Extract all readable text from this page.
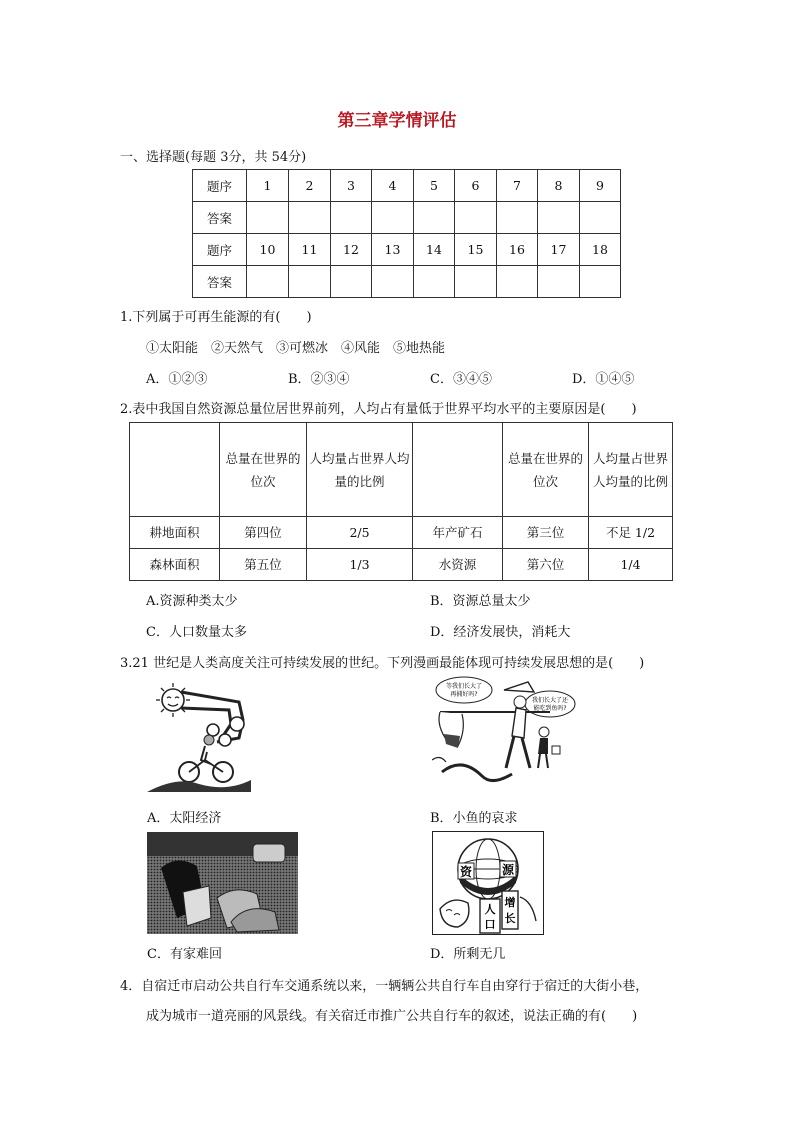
第三章学情评估
一、选择题(每题 3分，共 54分)
题序	1	2	3	4	5	6	7	8	9
答案									
题序	10	11	12	13	14	15	16	17	18
答案									
1.下列属于可再生能源的有(　　)
①太阳能　②天然气　③可燃冰　④风能　⑤地热能
A．①②③	B．②③④	C．③④⑤	D．①④⑤
2.表中我国自然资源总量位居世界前列，人均占有量低于世界平均水平的主要原因是(　　)
	总量在世界的位次	人均量占世界人均量的比例		总量在世界的位次	人均量占世界人均量的比例
耕地面积	第四位	2/5	年产矿石	第三位	不足 1/2
森林面积	第五位	1/3	水资源	第六位	1/4
A.资源种类太少	B．资源总量太少
C．人口数量太多	D．经济发展快，消耗大
3.21 世纪是人类高度关注可持续发展的世纪。下列漫画最能体现可持续发展思想的是(　　)
等我们长大了
再捕好吗?
我们长大了还
能吃到鱼吗?
A．太阳经济	B．小鱼的哀求
资 源
人
口
增
长
C．有家难回	D．所剩无几
4．自宿迁市启动公共自行车交通系统以来，一辆辆公共自行车自由穿行于宿迁的大街小巷，
成为城市一道亮丽的风景线。有关宿迁市推广公共自行车的叙述，说法正确的有(　　)
